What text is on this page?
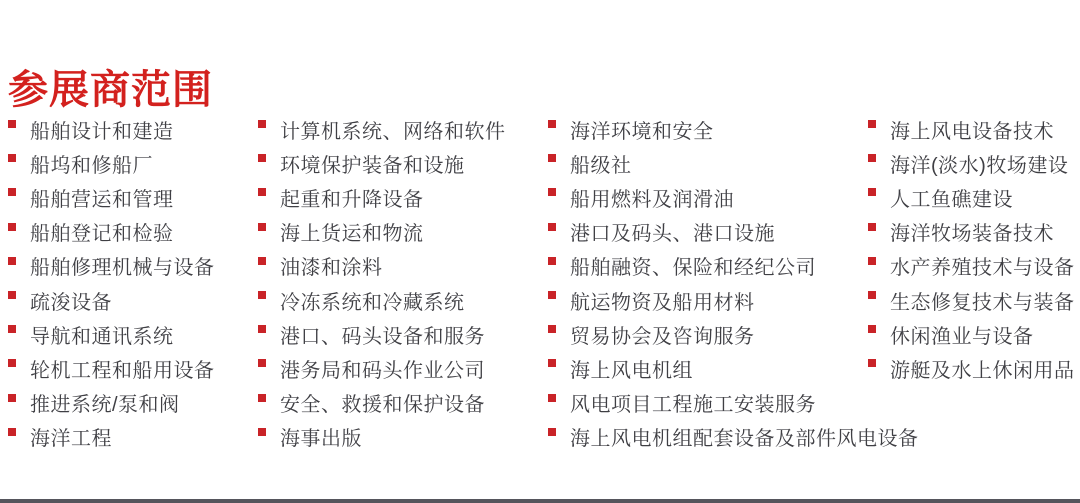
参展商范围
船舶设计和建造
船坞和修船厂
船舶营运和管理
船舶登记和检验
船舶修理机械与设备
疏浚设备
导航和通讯系统
轮机工程和船用设备
推进系统/泵和阀
海洋工程
计算机系统、网络和软件
环境保护装备和设施
起重和升降设备
海上货运和物流
油漆和涂料
冷冻系统和冷藏系统
港口、码头设备和服务
港务局和码头作业公司
安全、救援和保护设备
海事出版
海洋环境和安全
船级社
船用燃料及润滑油
港口及码头、港口设施
船舶融资、保险和经纪公司
航运物资及船用材料
贸易协会及咨询服务
海上风电机组
风电项目工程施工安装服务
海上风电机组配套设备及部件风电设备
海上风电设备技术
海洋(淡水)牧场建设
人工鱼礁建设
海洋牧场装备技术
水产养殖技术与设备
生态修复技术与装备
休闲渔业与设备
游艇及水上休闲用品
